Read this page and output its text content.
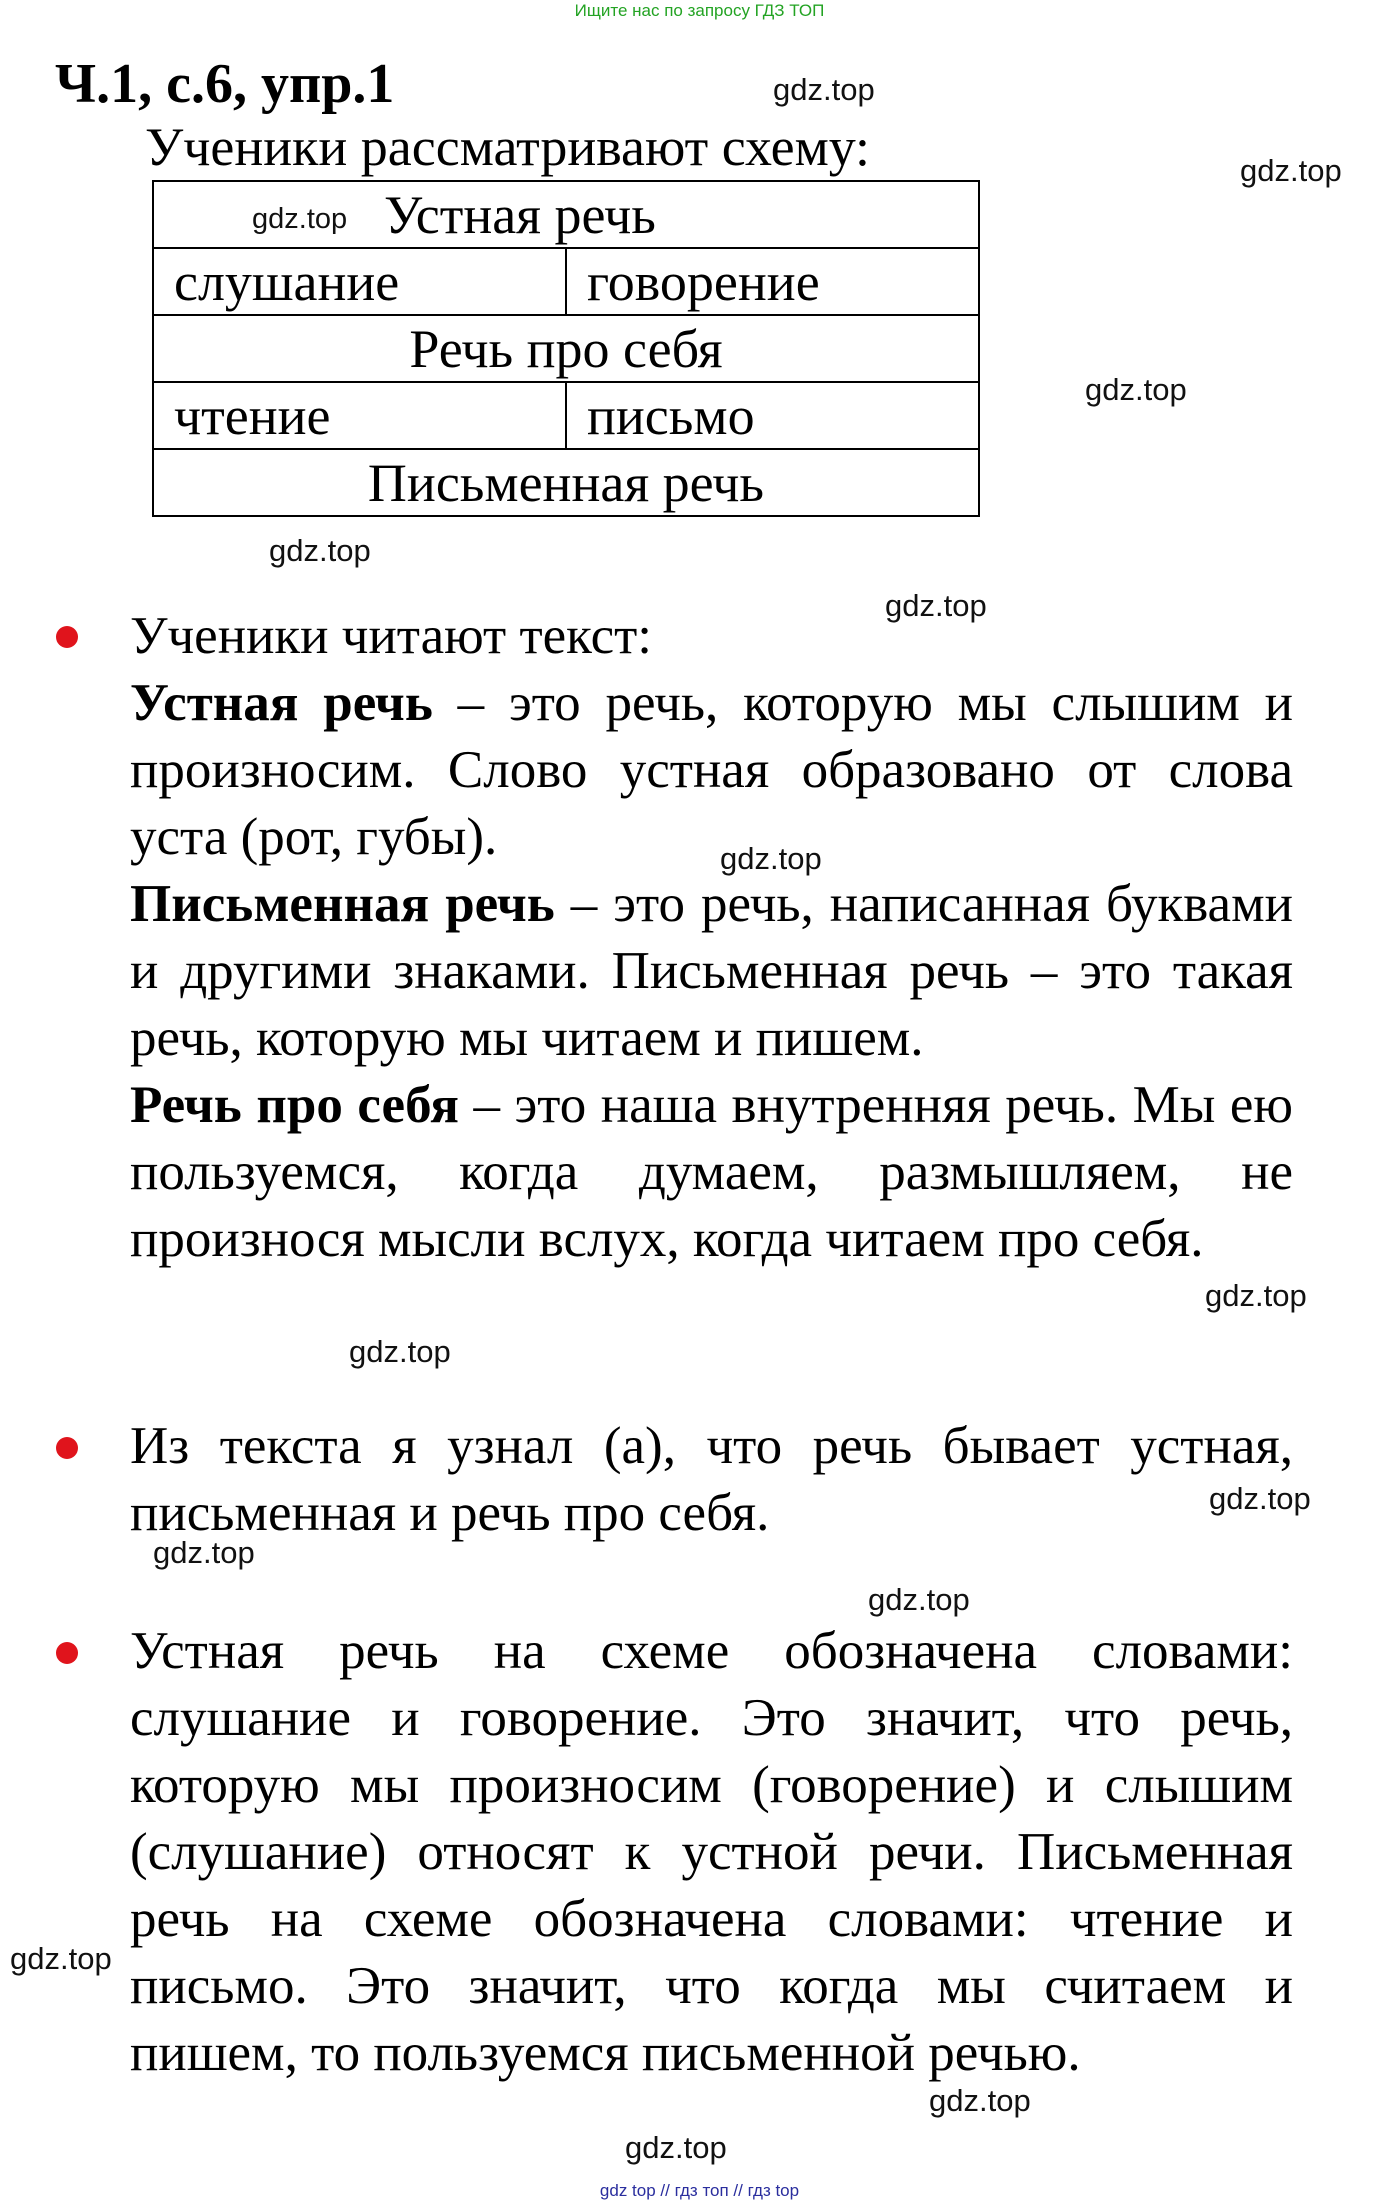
Ищите нас по запросу ГДЗ ТОП
Ч.1, с.6, упр.1
Ученики рассматривают схему:
Устная речь	
слушание	говорение
Речь про себя	
чтение	письмо
Письменная речь	

Ученики читают текст:

Устная речь – это речь, которую мы слышим и произносим. Слово устная образовано от слова уста (рот, губы).

Письменная речь – это речь, написанная буквами и другими знаками. Письменная речь – это такая речь, которую мы читаем и пишем.

Речь про себя – это наша внутренняя речь. Мы ею пользуемся, когда думаем, размышляем, не произнося мысли вслух, когда читаем про себя.

Из текста я узнал (а), что речь бывает устная, письменная и речь про себя.

Устная речь на схеме обозначена словами: слушание и говорение. Это значит, что речь, которую мы произносим (говорение) и слышим (слушание) относят к устной речи. Письменная речь на схеме обозначена словами: чтение и письмо. Это значит, что когда мы считаем и пишем, то пользуемся письменной речью.

gdz.top
gdz.top
gdz.top
gdz.top
gdz.top
gdz.top
gdz.top
gdz.top
gdz.top
gdz.top
gdz.top
gdz.top
gdz.top
gdz.top
gdz.top
gdz top // гдз топ // гдз top
